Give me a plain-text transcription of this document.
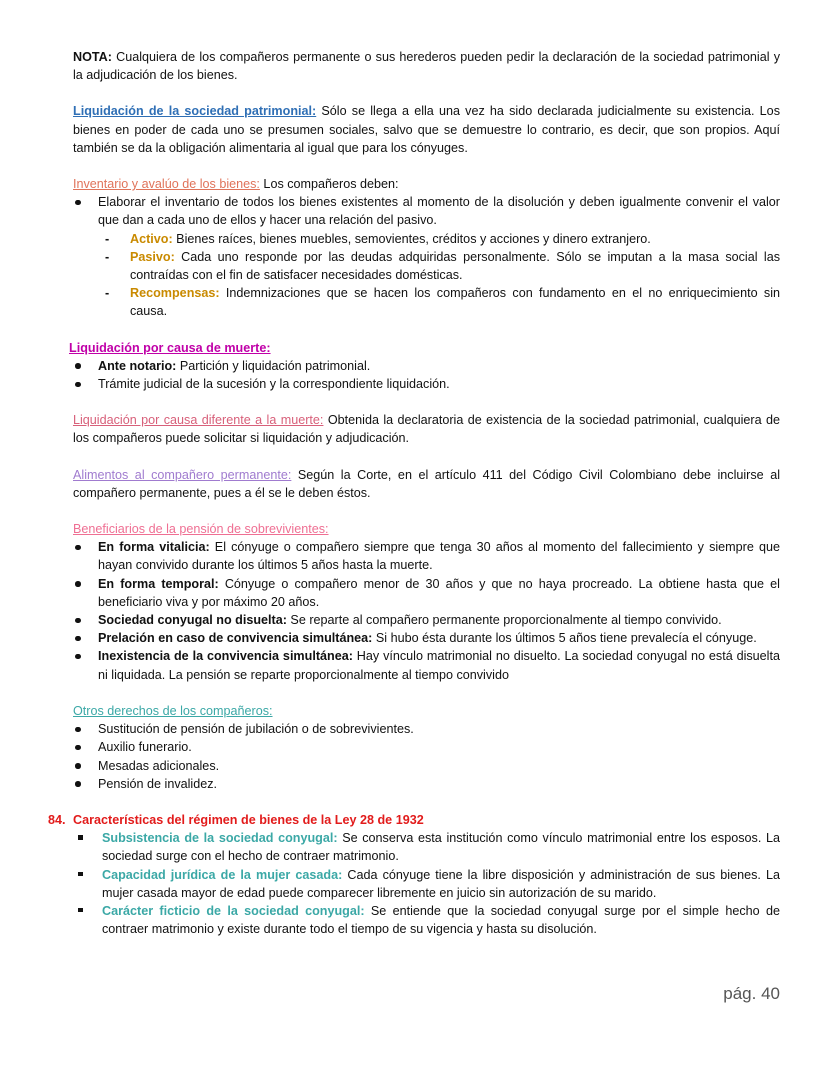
NOTA: Cualquiera de los compañeros permanente o sus herederos pueden pedir la declaración de la sociedad patrimonial y la adjudicación de los bienes.

Liquidación de la sociedad patrimonial: Sólo se llega a ella una vez ha sido declarada judicialmente su existencia. Los bienes en poder de cada uno se presumen sociales, salvo que se demuestre lo contrario, es decir, que son propios. Aquí también se da la obligación alimentaria al igual que para los cónyuges.

Inventario y avalúo de los bienes: Los compañeros deben:

Elaborar el inventario de todos los bienes existentes al momento de la disolución y deben igualmente convenir el valor que dan a cada uno de ellos y hacer una relación del pasivo.
- Activo: Bienes raíces, bienes muebles, semovientes, créditos y acciones y dinero extranjero.
- Pasivo: Cada uno responde por las deudas adquiridas personalmente. Sólo se imputan a la masa social las contraídas con el fin de satisfacer necesidades domésticas.
- Recompensas: Indemnizaciones que se hacen los compañeros con fundamento en el no enriquecimiento sin causa.

Liquidación por causa de muerte:

Ante notario: Partición y liquidación patrimonial.
Trámite judicial de la sucesión y la correspondiente liquidación.

Liquidación por causa diferente a la muerte: Obtenida la declaratoria de existencia de la sociedad patrimonial, cualquiera de los compañeros puede solicitar si liquidación y adjudicación.

Alimentos al compañero permanente: Según la Corte, en el artículo 411 del Código Civil Colombiano debe incluirse al compañero permanente, pues a él se le deben éstos.

Beneficiarios de la pensión de sobrevivientes:

En forma vitalicia: El cónyuge o compañero siempre que tenga 30 años al momento del fallecimiento y siempre que hayan convivido durante los últimos 5 años hasta la muerte.
En forma temporal: Cónyuge o compañero menor de 30 años y que no haya procreado. La obtiene hasta que el beneficiario viva y por máximo 20 años.
Sociedad conyugal no disuelta: Se reparte al compañero permanente proporcionalmente al tiempo convivido.
Prelación en caso de convivencia simultánea: Si hubo ésta durante los últimos 5 años tiene prevalecía el cónyuge.
Inexistencia de la convivencia simultánea: Hay vínculo matrimonial no disuelto. La sociedad conyugal no está disuelta ni liquidada. La pensión se reparte proporcionalmente al tiempo convivido

Otros derechos de los compañeros:

Sustitución de pensión de jubilación o de sobrevivientes.
Auxilio funerario.
Mesadas adicionales.
Pensión de invalidez.

84. Características del régimen de bienes de la Ley 28 de 1932

Subsistencia de la sociedad conyugal: Se conserva esta institución como vínculo matrimonial entre los esposos. La sociedad surge con el hecho de contraer matrimonio.
Capacidad jurídica de la mujer casada: Cada cónyuge tiene la libre disposición y administración de sus bienes. La mujer casada mayor de edad puede comparecer libremente en juicio sin autorización de su marido.
Carácter ficticio de la sociedad conyugal: Se entiende que la sociedad conyugal surge por el simple hecho de contraer matrimonio y existe durante todo el tiempo de su vigencia y hasta su disolución.
pág. 40
